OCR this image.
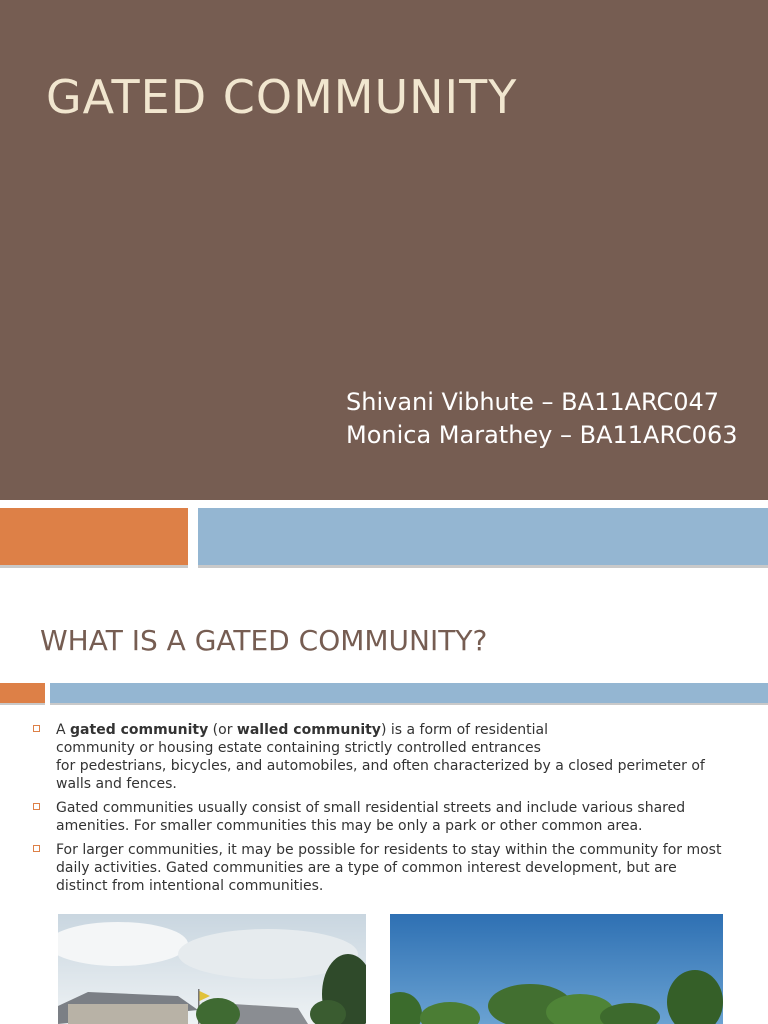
GATED COMMUNITY
Shivani Vibhute – BA11ARC047
Monica Marathey – BA11ARC063
WHAT IS A GATED COMMUNITY?
A gated community (or walled community) is a form of residential
community or housing estate containing strictly controlled entrances
for pedestrians, bicycles, and automobiles, and often characterized by a closed perimeter of walls and fences.
Gated communities usually consist of small residential streets and include various shared amenities. For smaller communities this may be only a park or other common area.
For larger communities, it may be possible for residents to stay within the community for most daily activities. Gated communities are a type of common interest development, but are distinct from intentional communities.
